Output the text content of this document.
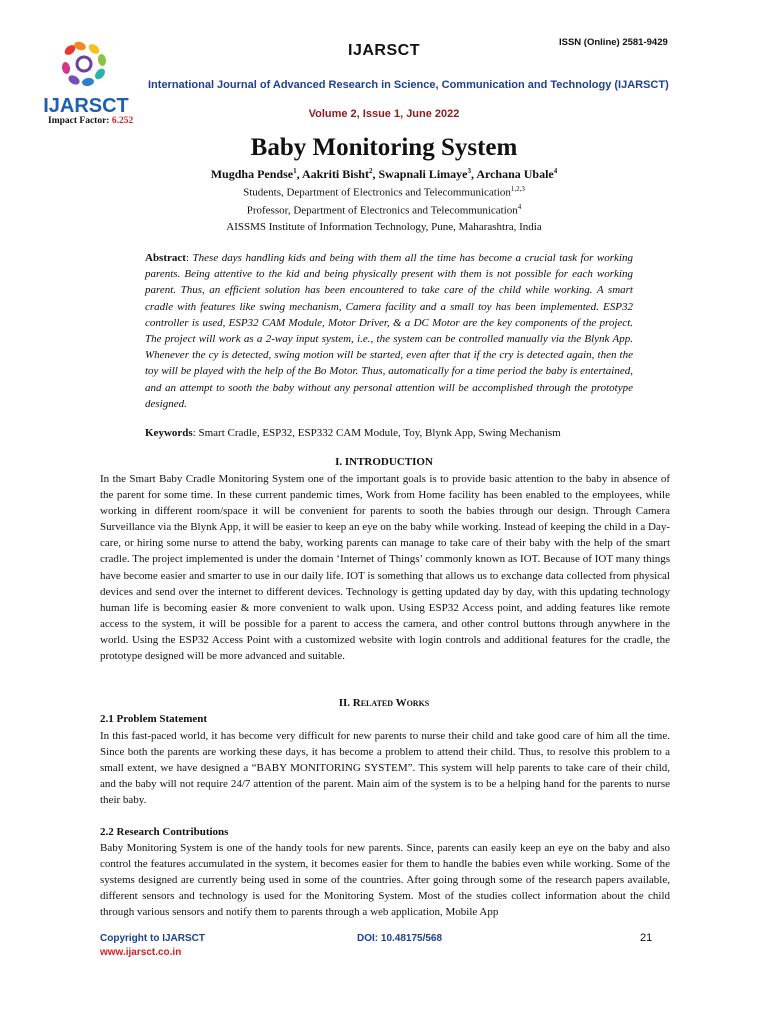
IJARSCT
Impact Factor: 6.252
IJARSCT	ISSN (Online) 2581-9429
International Journal of Advanced Research in Science, Communication and Technology (IJARSCT)
Volume 2, Issue 1, June 2022
Baby Monitoring System
Mugdha Pendse$^1$, Aakriti Bisht$^2$, Swapnali Limaye$^3$, Archana Ubale$^4$
Students, Department of Electronics and Telecommunication$^{1,2,3}$
Professor, Department of Electronics and Telecommunication$^4$
AISSMS Institute of Information Technology, Pune, Maharashtra, India
Abstract: These days handling kids and being with them all the time has become a crucial task for working parents. Being attentive to the kid and being physically present with them is not possible for each working parent. Thus, an efficient solution has been encountered to take care of the child while working. A smart cradle with features like swing mechanism, Camera facility and a small toy has been implemented. ESP32 controller is used, ESP32 CAM Module, Motor Driver, & a DC Motor are the key components of the project. The project will work as a 2-way input system, i.e., the system can be controlled manually via the Blynk App. Whenever the cy is detected, swing motion will be started, even after that if the cry is detected again, then the toy will be played with the help of the Bo Motor. Thus, automatically for a time period the baby is entertained, and an attempt to sooth the baby without any personal attention will be accomplished through the prototype designed.
Keywords: Smart Cradle, ESP32, ESP332 CAM Module, Toy, Blynk App, Swing Mechanism
I. INTRODUCTION
In the Smart Baby Cradle Monitoring System one of the important goals is to provide basic attention to the baby in absence of the parent for some time. In these current pandemic times, Work from Home facility has been enabled to the employees, while working in different room/space it will be convenient for parents to sooth the babies through our design. Through Camera Surveillance via the Blynk App, it will be easier to keep an eye on the baby while working. Instead of keeping the child in a Day-care, or hiring some nurse to attend the baby, working parents can manage to take care of their baby with the help of the smart cradle. The project implemented is under the domain ‘Internet of Things’ commonly known as IOT. Because of IOT many things have become easier and smarter to use in our daily life. IOT is something that allows us to exchange data collected from physical devices and send over the internet to different devices. Technology is getting updated day by day, with this updating technology human life is becoming easier & more convenient to walk upon. Using ESP32 Access point, and adding features like remote access to the system, it will be possible for a parent to access the camera, and other control buttons through anywhere in the world. Using the ESP32 Access Point with a customized website with login controls and additional features for the cradle, the prototype designed will be more advanced and suitable.
II. Related Works
2.1 Problem Statement
In this fast-paced world, it has become very difficult for new parents to nurse their child and take good care of him all the time. Since both the parents are working these days, it has become a problem to attend their child. Thus, to resolve this problem to a small extent, we have designed a “BABY MONITORING SYSTEM”. This system will help parents to take care of their child, and the baby will not require 24/7 attention of the parent. Main aim of the system is to be a helping hand for the parents to nurse their baby.
2.2 Research Contributions
Baby Monitoring System is one of the handy tools for new parents. Since, parents can easily keep an eye on the baby and also control the features accumulated in the system, it becomes easier for them to handle the babies even while working. Some of the systems designed are currently being used in some of the countries. After going through some of the research papers available, different sensors and technology is used for the Monitoring System. Most of the studies collect information about the child through various sensors and notify them to parents through a web application, Mobile App
Copyright to IJARSCT
www.ijarsct.co.in
DOI: 10.48175/568	21
